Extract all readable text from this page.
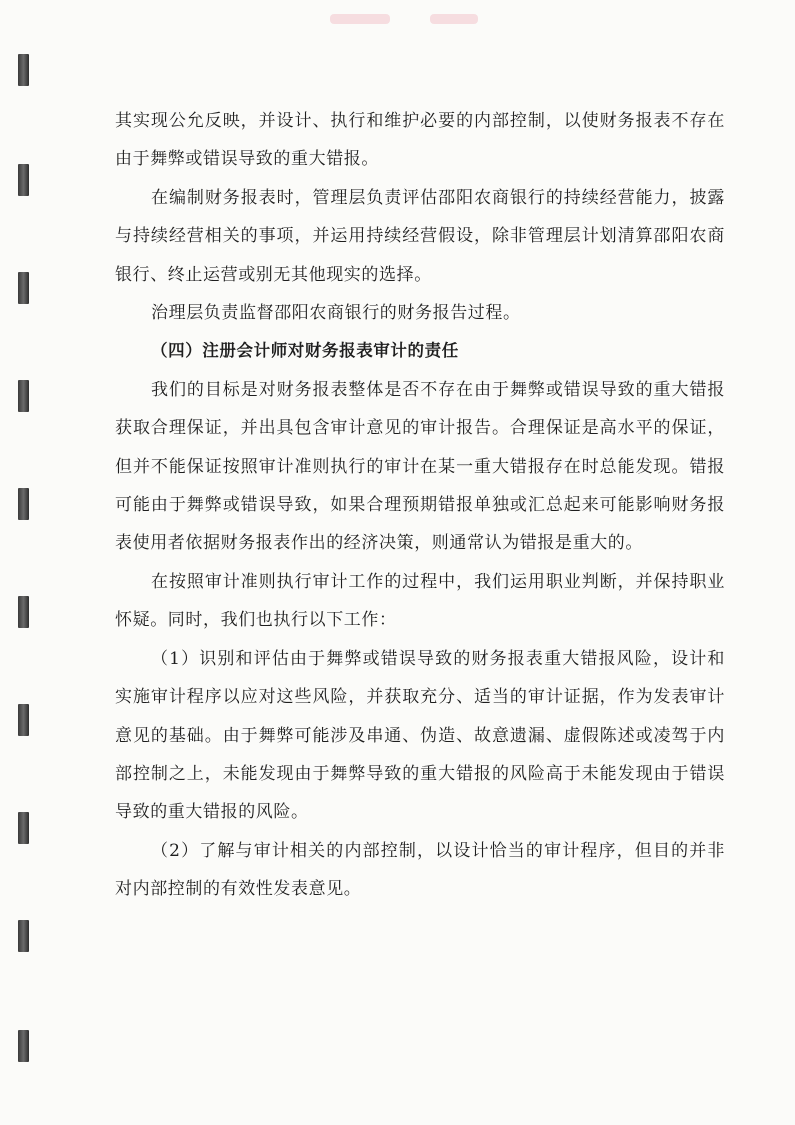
其实现公允反映，并设计、执行和维护必要的内部控制，以使财务报表不存在由于舞弊或错误导致的重大错报。

在编制财务报表时，管理层负责评估邵阳农商银行的持续经营能力，披露与持续经营相关的事项，并运用持续经营假设，除非管理层计划清算邵阳农商银行、终止运营或别无其他现实的选择。

治理层负责监督邵阳农商银行的财务报告过程。

（四）注册会计师对财务报表审计的责任

我们的目标是对财务报表整体是否不存在由于舞弊或错误导致的重大错报获取合理保证，并出具包含审计意见的审计报告。合理保证是高水平的保证，但并不能保证按照审计准则执行的审计在某一重大错报存在时总能发现。错报可能由于舞弊或错误导致，如果合理预期错报单独或汇总起来可能影响财务报表使用者依据财务报表作出的经济决策，则通常认为错报是重大的。

在按照审计准则执行审计工作的过程中，我们运用职业判断，并保持职业怀疑。同时，我们也执行以下工作：

（1）识别和评估由于舞弊或错误导致的财务报表重大错报风险，设计和实施审计程序以应对这些风险，并获取充分、适当的审计证据，作为发表审计意见的基础。由于舞弊可能涉及串通、伪造、故意遗漏、虚假陈述或凌驾于内部控制之上，未能发现由于舞弊导致的重大错报的风险高于未能发现由于错误导致的重大错报的风险。

（2）了解与审计相关的内部控制，以设计恰当的审计程序，但目的并非对内部控制的有效性发表意见。
